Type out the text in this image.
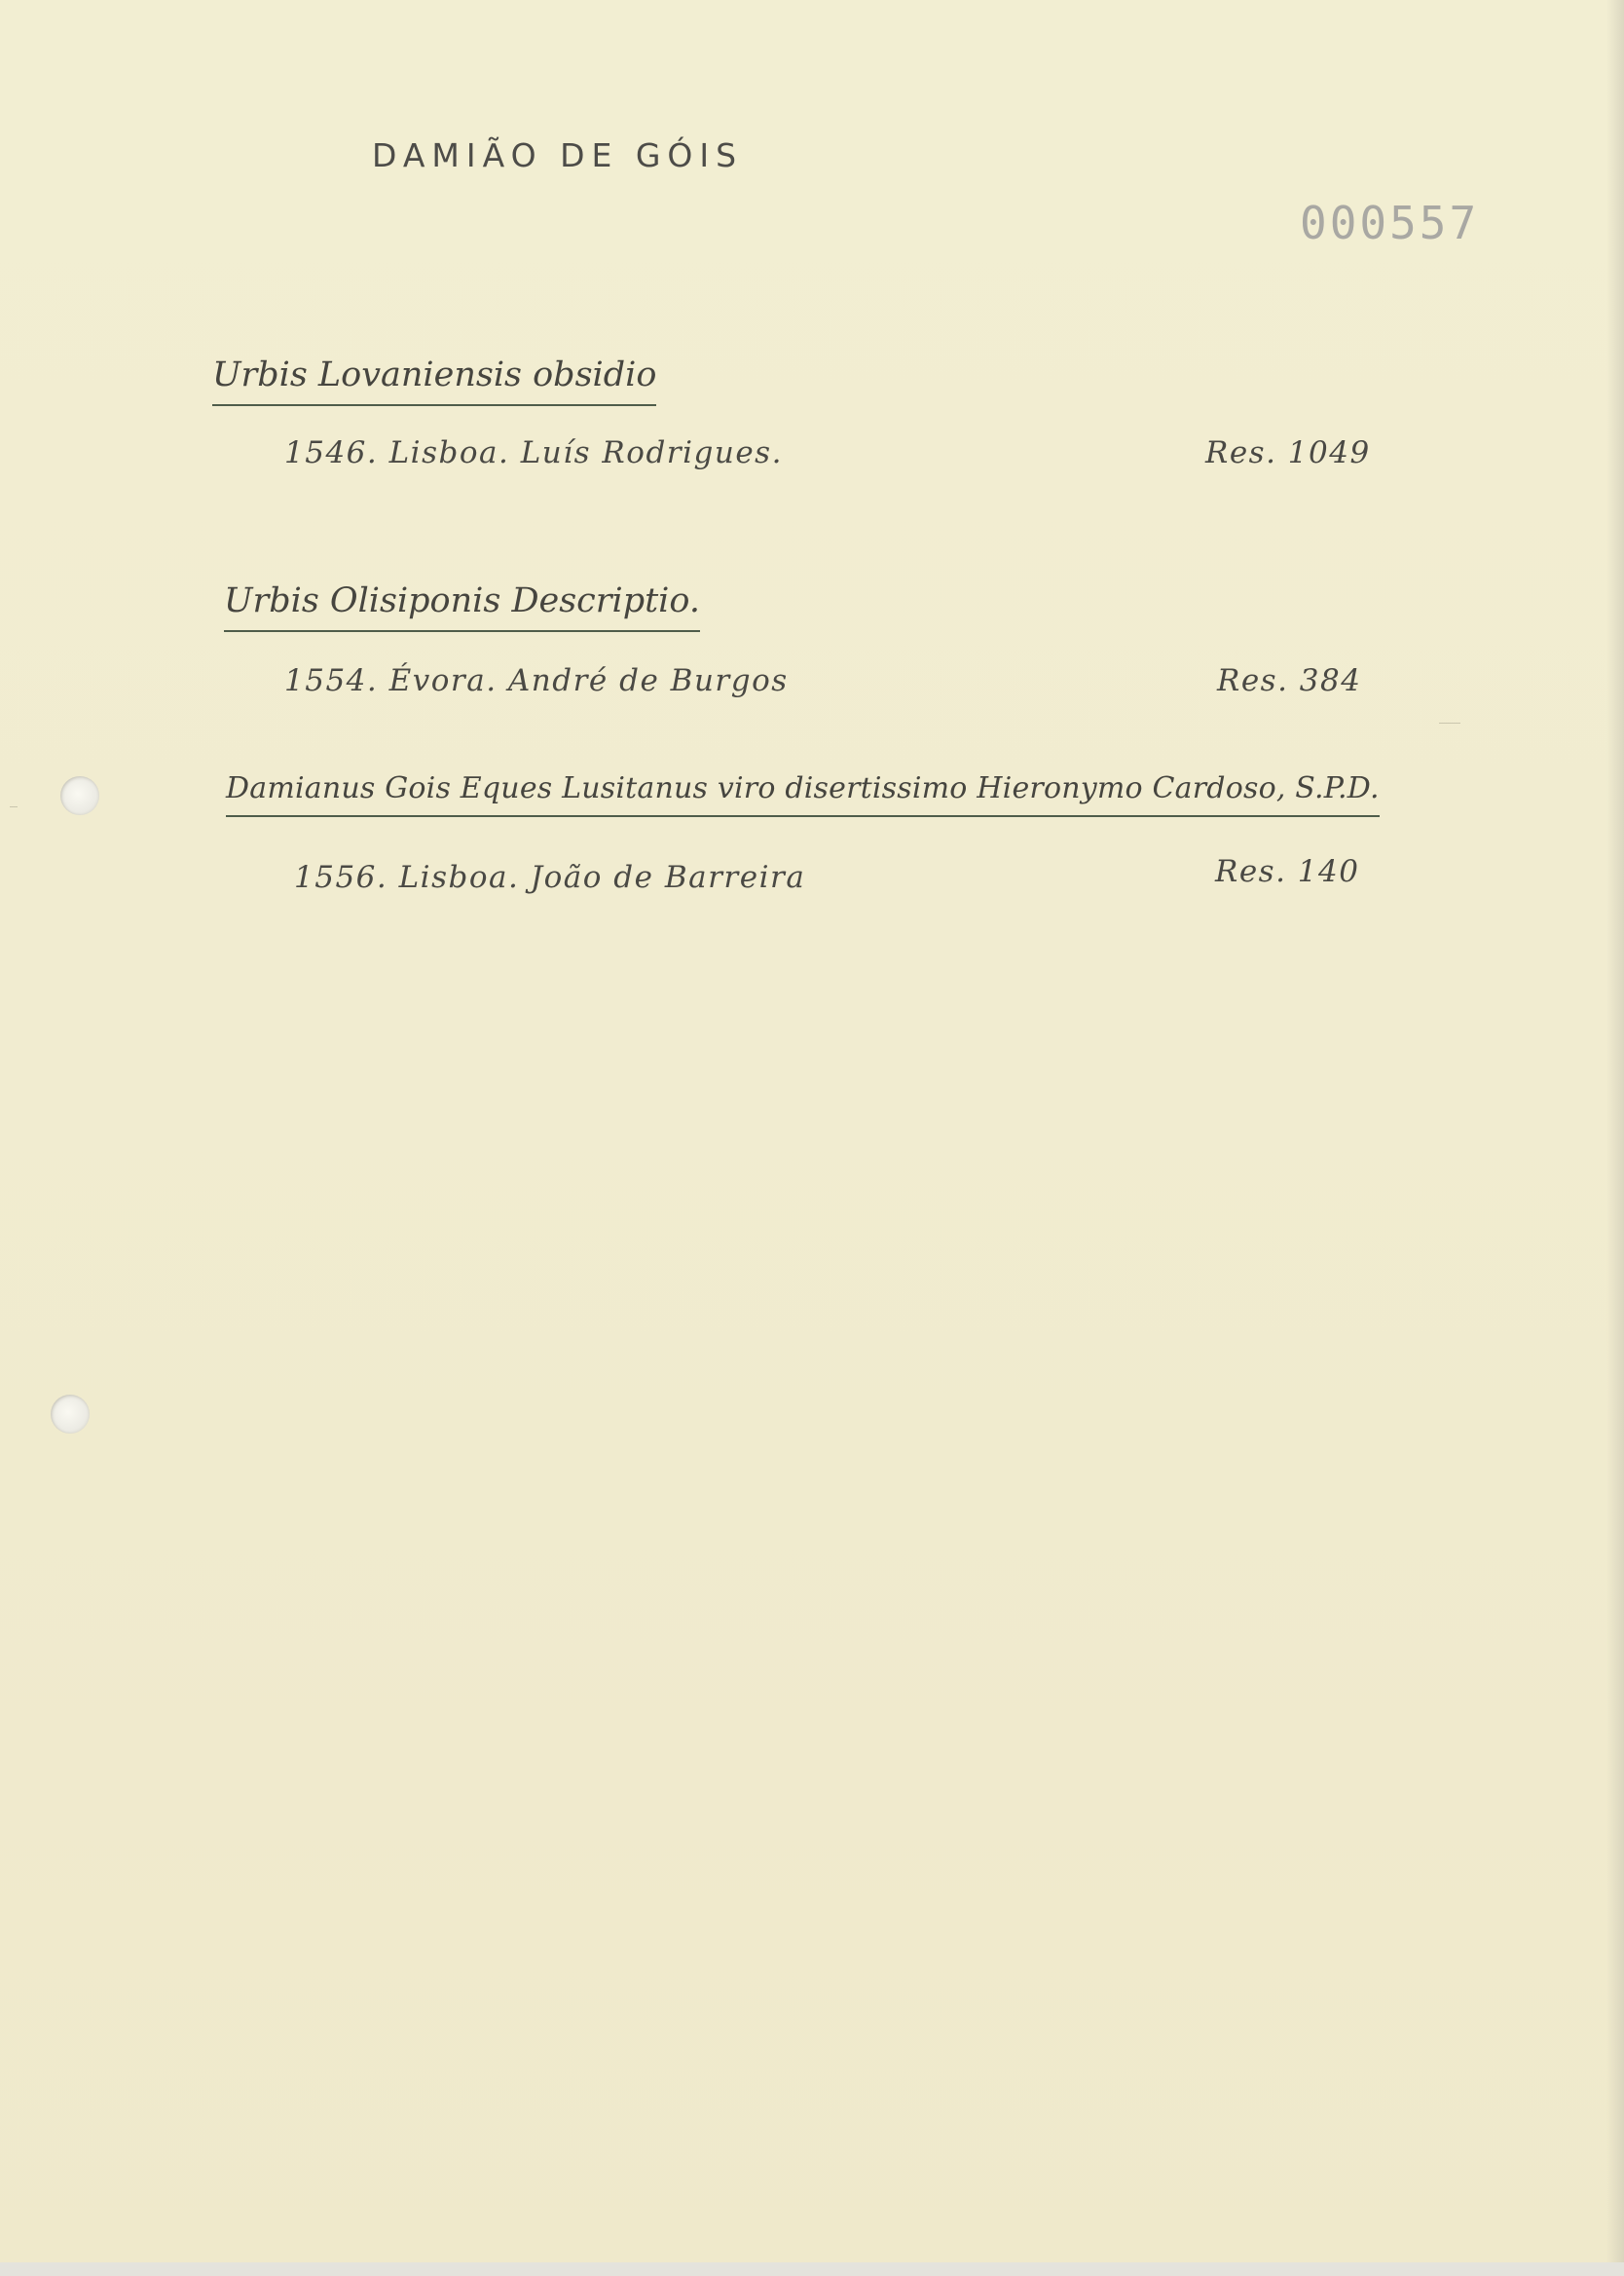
DAMIÃO DE GÓIS
000557
Urbis Lovaniensis obsidio
1546. Lisboa. Luís Rodrigues.	Res. 1049
Urbis Olisiponis Descriptio.
1554. Évora. André de Burgos	Res. 384
Damianus Gois Eques Lusitanus viro disertissimo Hieronymo Cardoso, S.P.D.
1556. Lisboa. João de Barreira	Res. 140
